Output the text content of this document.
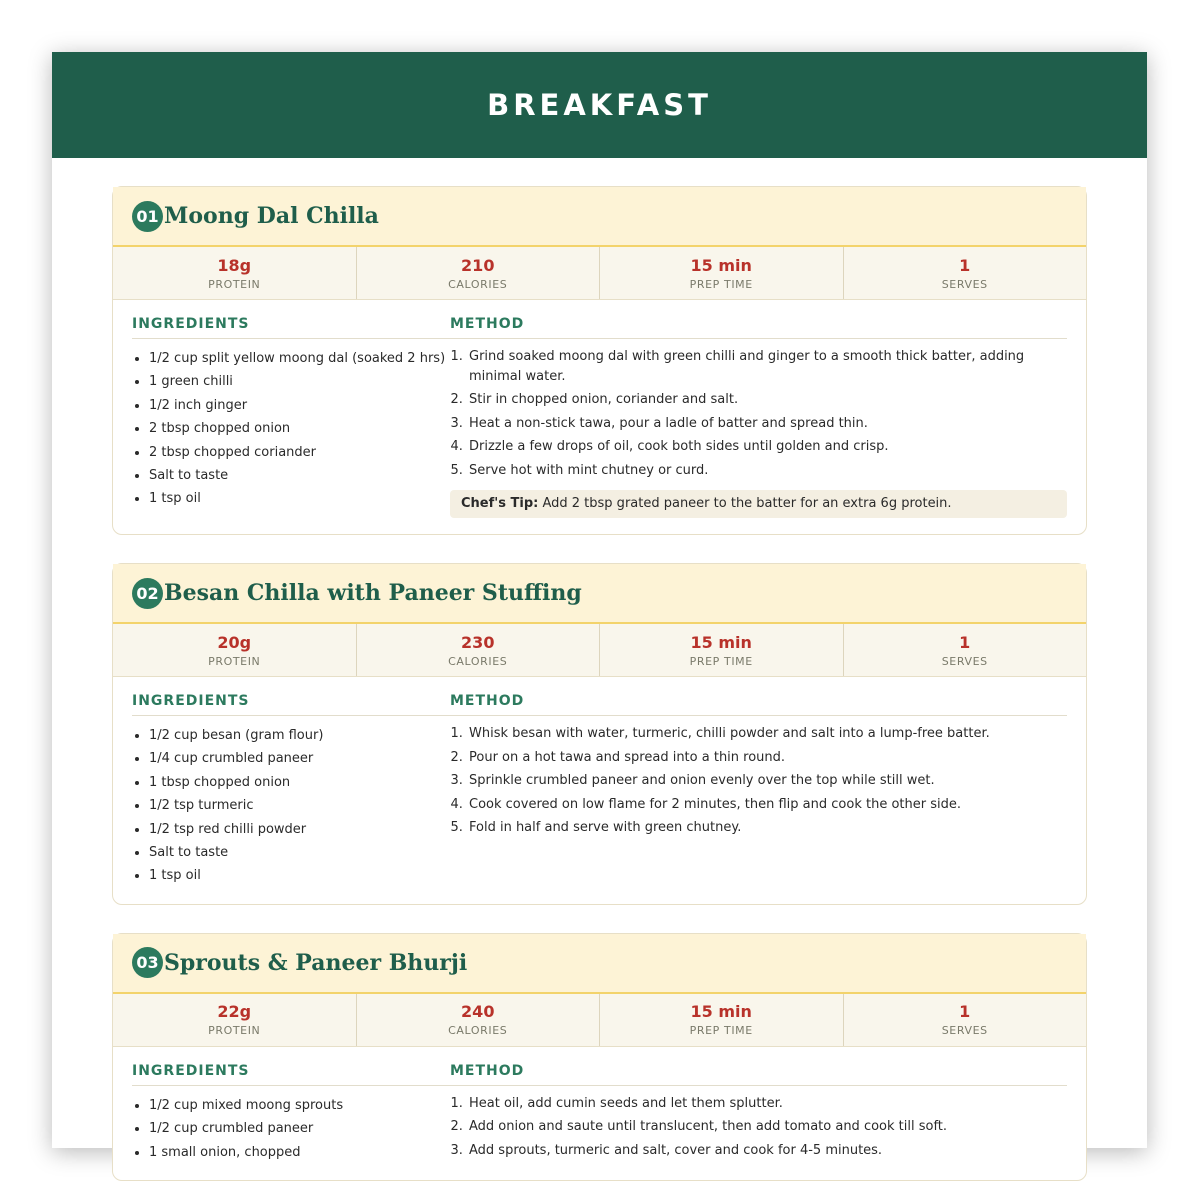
BREAKFAST
01 Moong Dal Chilla
18g
PROTEIN
210
CALORIES
15 min
PREP TIME
1
SERVES
INGREDIENTS
• 1/2 cup split yellow moong dal (soaked 2 hrs)
• 1 green chilli
• 1/2 inch ginger
• 2 tbsp chopped onion
• 2 tbsp chopped coriander
• Salt to taste
• 1 tsp oil
METHOD
1. Grind soaked moong dal with green chilli and ginger to a smooth thick batter, adding minimal water.
2. Stir in chopped onion, coriander and salt.
3. Heat a non-stick tawa, pour a ladle of batter and spread thin.
4. Drizzle a few drops of oil, cook both sides until golden and crisp.
5. Serve hot with mint chutney or curd.
Chef's Tip: Add 2 tbsp grated paneer to the batter for an extra 6g protein.
02 Besan Chilla with Paneer Stuffing
20g
PROTEIN
230
CALORIES
15 min
PREP TIME
1
SERVES
INGREDIENTS
• 1/2 cup besan (gram flour)
• 1/4 cup crumbled paneer
• 1 tbsp chopped onion
• 1/2 tsp turmeric
• 1/2 tsp red chilli powder
• Salt to taste
• 1 tsp oil
METHOD
1. Whisk besan with water, turmeric, chilli powder and salt into a lump-free batter.
2. Pour on a hot tawa and spread into a thin round.
3. Sprinkle crumbled paneer and onion evenly over the top while still wet.
4. Cook covered on low flame for 2 minutes, then flip and cook the other side.
5. Fold in half and serve with green chutney.
03 Sprouts & Paneer Bhurji
22g
PROTEIN
240
CALORIES
15 min
PREP TIME
1
SERVES
INGREDIENTS
• 1/2 cup mixed moong sprouts
• 1/2 cup crumbled paneer
• 1 small onion, chopped
METHOD
1. Heat oil, add cumin seeds and let them splutter.
2. Add onion and saute until translucent, then add tomato and cook till soft.
3. Add sprouts, turmeric and salt, cover and cook for 4-5 minutes.
